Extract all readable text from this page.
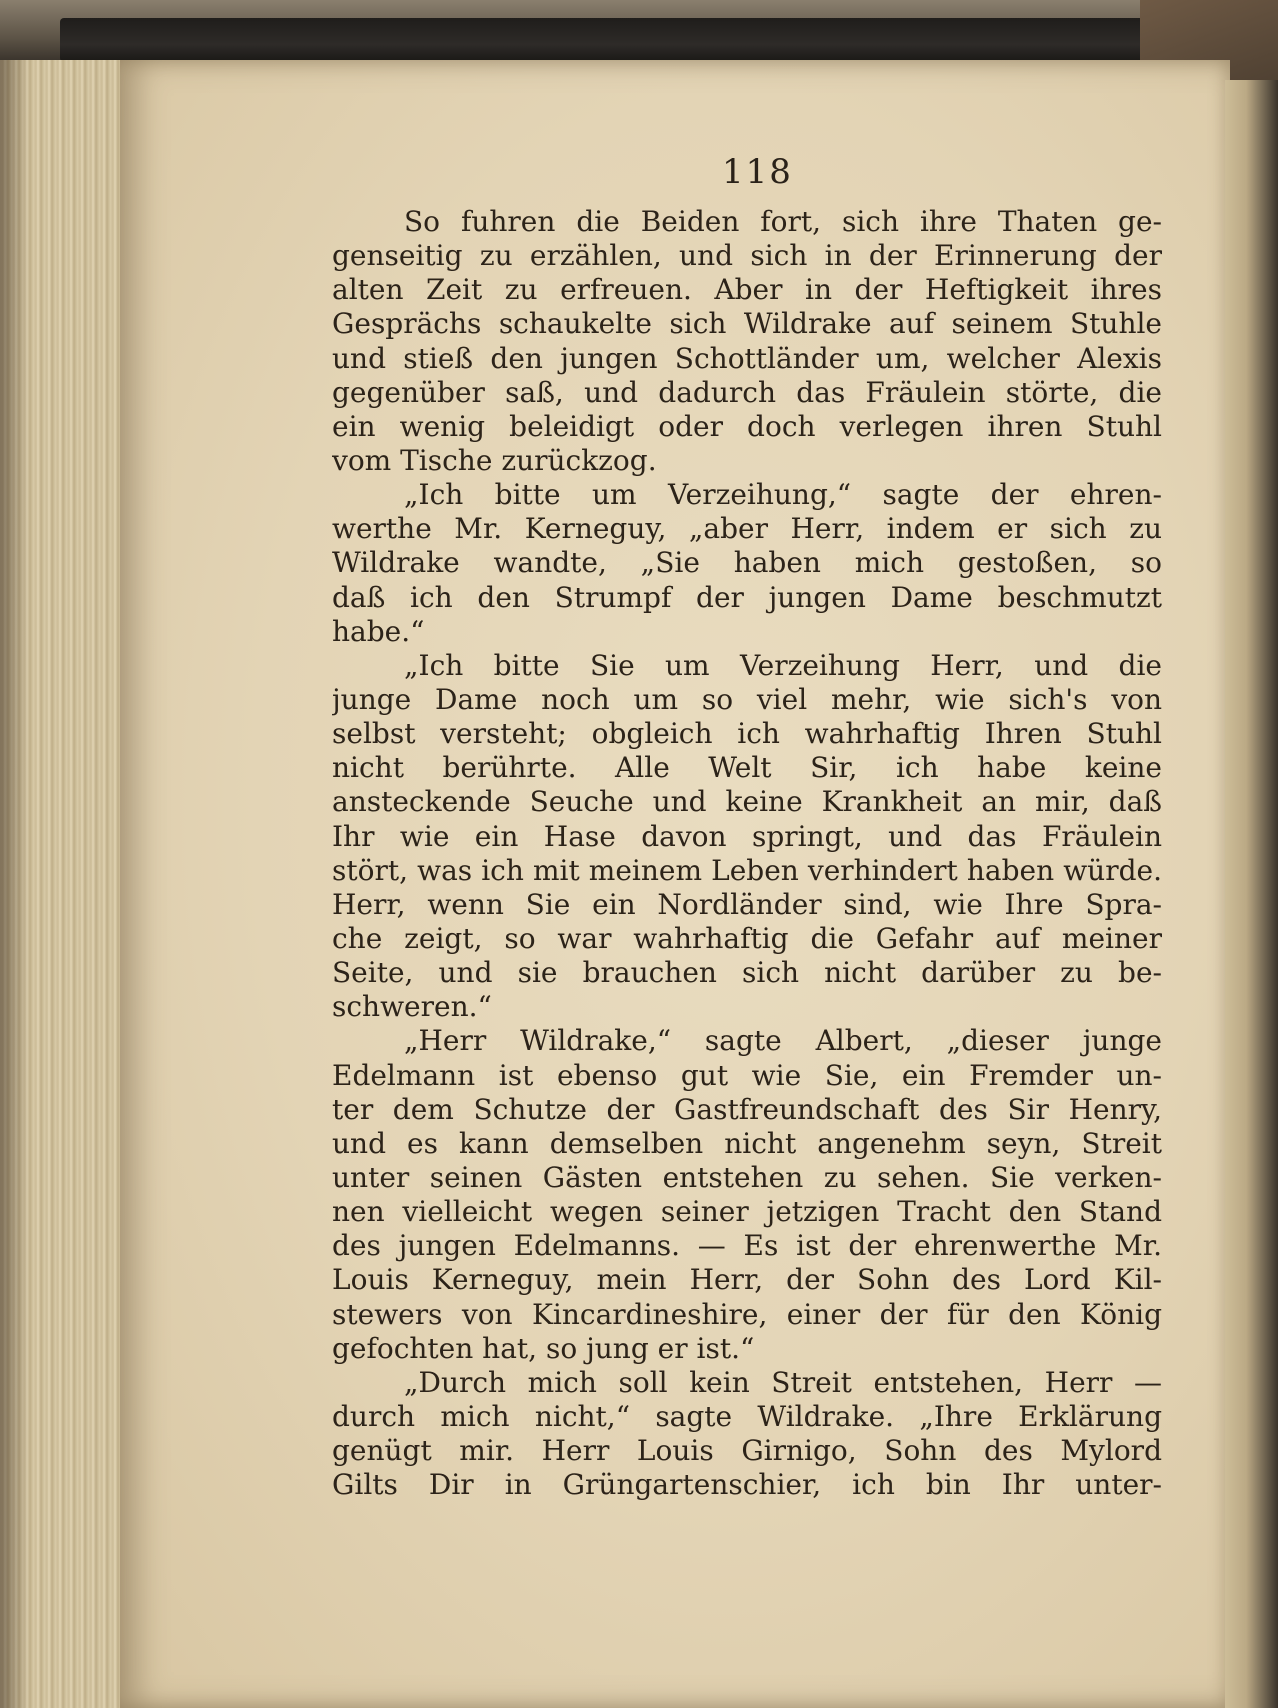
118
So fuhren die Beiden fort, sich ihre Thaten ge-
genseitig zu erzählen, und sich in der Erinnerung der
alten Zeit zu erfreuen. Aber in der Heftigkeit ihres
Gesprächs schaukelte sich Wildrake auf seinem Stuhle
und stieß den jungen Schottländer um, welcher Alexis
gegenüber saß, und dadurch das Fräulein störte, die
ein wenig beleidigt oder doch verlegen ihren Stuhl
vom Tische zurückzog.
„Ich bitte um Verzeihung,“ sagte der ehren-
werthe Mr. Kerneguy, „aber Herr, indem er sich zu
Wildrake wandte, „Sie haben mich gestoßen, so
daß ich den Strumpf der jungen Dame beschmutzt
habe.“
„Ich bitte Sie um Verzeihung Herr, und die
junge Dame noch um so viel mehr, wie sich's von
selbst versteht; obgleich ich wahrhaftig Ihren Stuhl
nicht berührte. Alle Welt Sir, ich habe keine
ansteckende Seuche und keine Krankheit an mir, daß
Ihr wie ein Hase davon springt, und das Fräulein
stört, was ich mit meinem Leben verhindert haben würde.
Herr, wenn Sie ein Nordländer sind, wie Ihre Spra-
che zeigt, so war wahrhaftig die Gefahr auf meiner
Seite, und sie brauchen sich nicht darüber zu be-
schweren.“
„Herr Wildrake,“ sagte Albert, „dieser junge
Edelmann ist ebenso gut wie Sie, ein Fremder un-
ter dem Schutze der Gastfreundschaft des Sir Henry,
und es kann demselben nicht angenehm seyn, Streit
unter seinen Gästen entstehen zu sehen. Sie verken-
nen vielleicht wegen seiner jetzigen Tracht den Stand
des jungen Edelmanns. — Es ist der ehrenwerthe Mr.
Louis Kerneguy, mein Herr, der Sohn des Lord Kil-
stewers von Kincardineshire, einer der für den König
gefochten hat, so jung er ist.“
„Durch mich soll kein Streit entstehen, Herr —
durch mich nicht,“ sagte Wildrake. „Ihre Erklärung
genügt mir. Herr Louis Girnigo, Sohn des Mylord
Gilts Dir in Grüngartenschier, ich bin Ihr unter-
